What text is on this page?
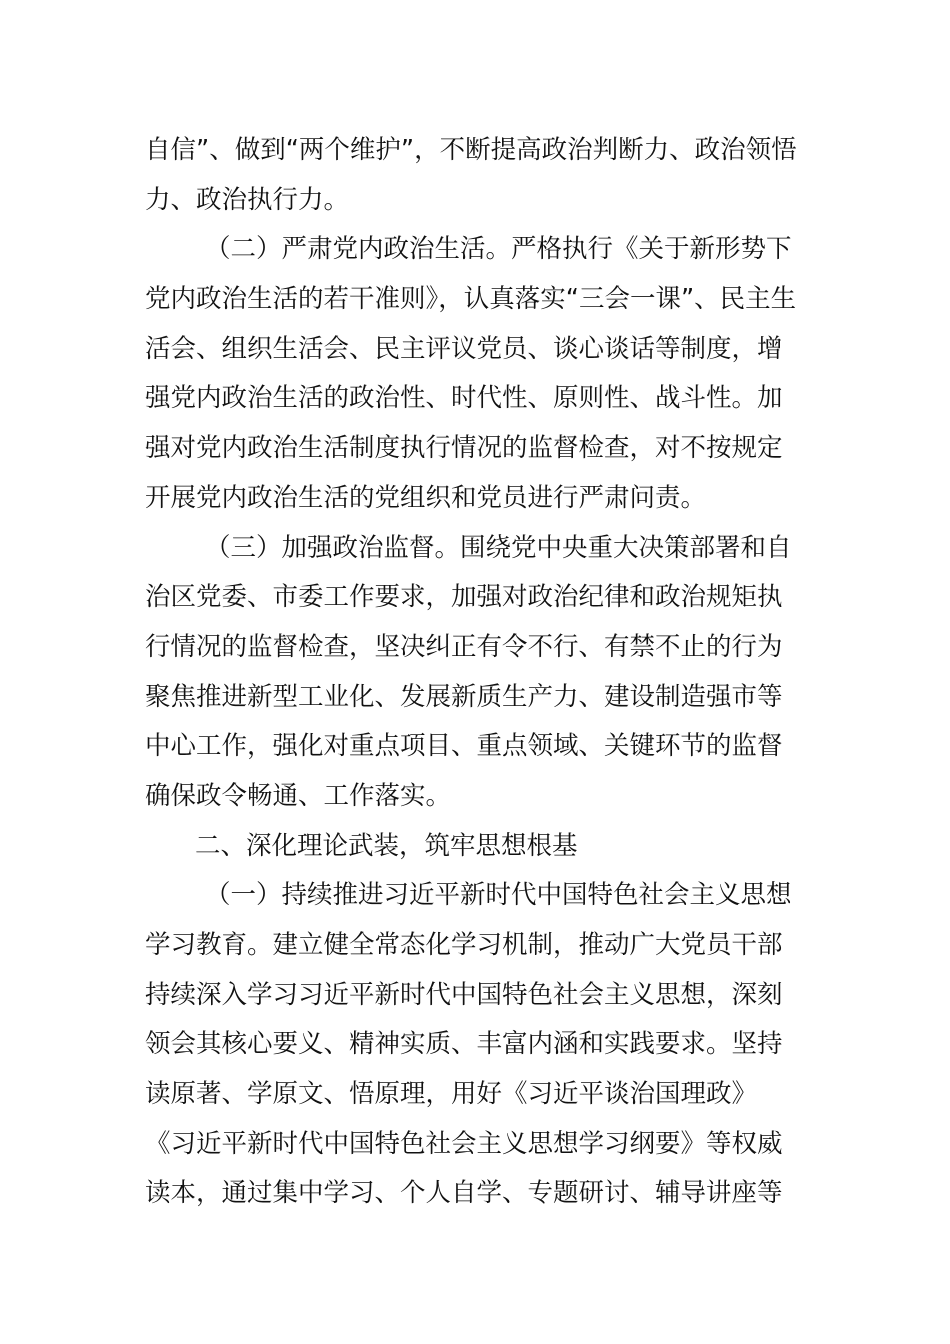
自信”、做到“两个维护”，不断提高政治判断力、政治领悟
力、政治执行力。
（二）严肃党内政治生活。严格执行《关于新形势下
党内政治生活的若干准则》，认真落实“三会一课”、民主生
活会、组织生活会、民主评议党员、谈心谈话等制度，增
强党内政治生活的政治性、时代性、原则性、战斗性。加
强对党内政治生活制度执行情况的监督检查，对不按规定
开展党内政治生活的党组织和党员进行严肃问责。
（三）加强政治监督。围绕党中央重大决策部署和自
治区党委、市委工作要求，加强对政治纪律和政治规矩执
行情况的监督检查，坚决纠正有令不行、有禁不止的行为
聚焦推进新型工业化、发展新质生产力、建设制造强市等
中心工作，强化对重点项目、重点领域、关键环节的监督
确保政令畅通、工作落实。
二、深化理论武装，筑牢思想根基
（一）持续推进习近平新时代中国特色社会主义思想
学习教育。建立健全常态化学习机制，推动广大党员干部
持续深入学习习近平新时代中国特色社会主义思想，深刻
领会其核心要义、精神实质、丰富内涵和实践要求。坚持
读原著、学原文、悟原理，用好《习近平谈治国理政》
《习近平新时代中国特色社会主义思想学习纲要》等权威
读本，通过集中学习、个人自学、专题研讨、辅导讲座等
